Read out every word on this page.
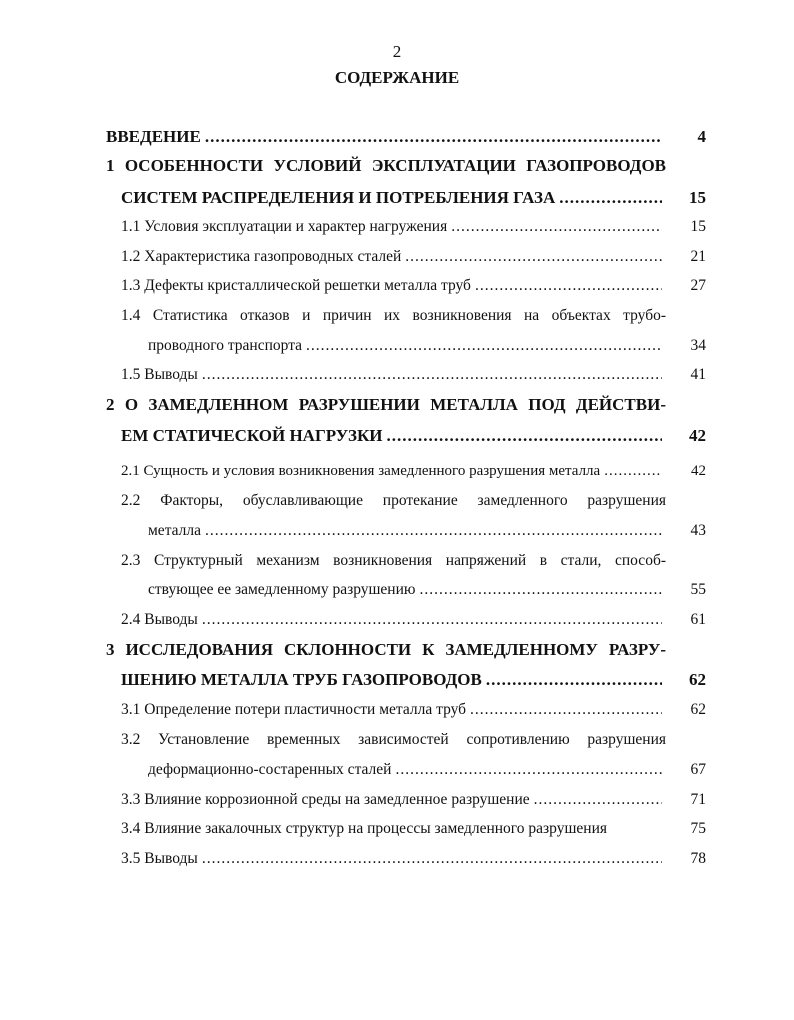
2
СОДЕРЖАНИЕ
ВВЕДЕНИЕ .....	4
1 ОСОБЕННОСТИ УСЛОВИЙ ЭКСПЛУАТАЦИИ ГАЗОПРОВОДОВ
СИСТЕМ РАСПРЕДЕЛЕНИЯ И ПОТРЕБЛЕНИЯ ГАЗА .....	15
1.1 Условия эксплуатации и характер нагружения .....	15
1.2 Характеристика газопроводных сталей .....	21
1.3 Дефекты кристаллической решетки металла труб .....	27
1.4 Статистика отказов и причин их возникновения на объектах трубо-
проводного транспорта .....	34
1.5 Выводы .....	41
2 О ЗАМЕДЛЕННОМ РАЗРУШЕНИИ МЕТАЛЛА ПОД ДЕЙСТВИ-
ЕМ СТАТИЧЕСКОЙ НАГРУЗКИ .....	42
2.1 Сущность и условия возникновения замедленного разрушения металла .....	42
2.2 Факторы, обуславливающие протекание замедленного разрушения
металла .....	43
2.3 Структурный механизм возникновения напряжений в стали, способ-
ствующее ее замедленному разрушению .....	55
2.4 Выводы .....	61
3 ИССЛЕДОВАНИЯ СКЛОННОСТИ К ЗАМЕДЛЕННОМУ РАЗРУ-
ШЕНИЮ МЕТАЛЛА ТРУБ ГАЗОПРОВОДОВ .....	62
3.1 Определение потери пластичности металла труб .....	62
3.2 Установление временных зависимостей сопротивлению разрушения
деформационно-состаренных сталей .....	67
3.3 Влияние коррозионной среды на замедленное разрушение .....	71
3.4 Влияние закалочных структур на процессы замедленного разрушения	75
3.5 Выводы .....	78
